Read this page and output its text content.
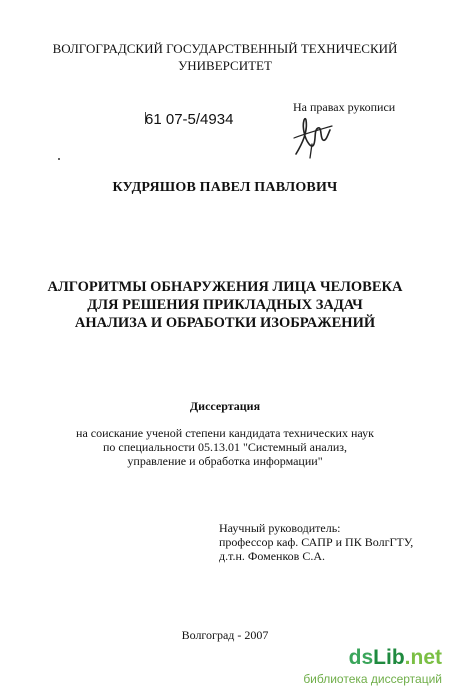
ВОЛГОГРАДСКИЙ ГОСУДАРСТВЕННЫЙ ТЕХНИЧЕСКИЙ
УНИВЕРСИТЕТ
На правах рукописи
61 07-5/4934
КУДРЯШОВ ПАВЕЛ ПАВЛОВИЧ
АЛГОРИТМЫ ОБНАРУЖЕНИЯ ЛИЦА ЧЕЛОВЕКА
ДЛЯ РЕШЕНИЯ ПРИКЛАДНЫХ ЗАДАЧ
АНАЛИЗА И ОБРАБОТКИ ИЗОБРАЖЕНИЙ
Диссертация
на соискание ученой степени кандидата технических наук
по специальности 05.13.01 "Системный анализ,
управление и обработка информации"
Научный руководитель:
профессор каф. САПР и ПК ВолгГТУ,
д.т.н. Фоменков С.А.
Волгоград - 2007
dsLib.net
библиотека диссертаций
